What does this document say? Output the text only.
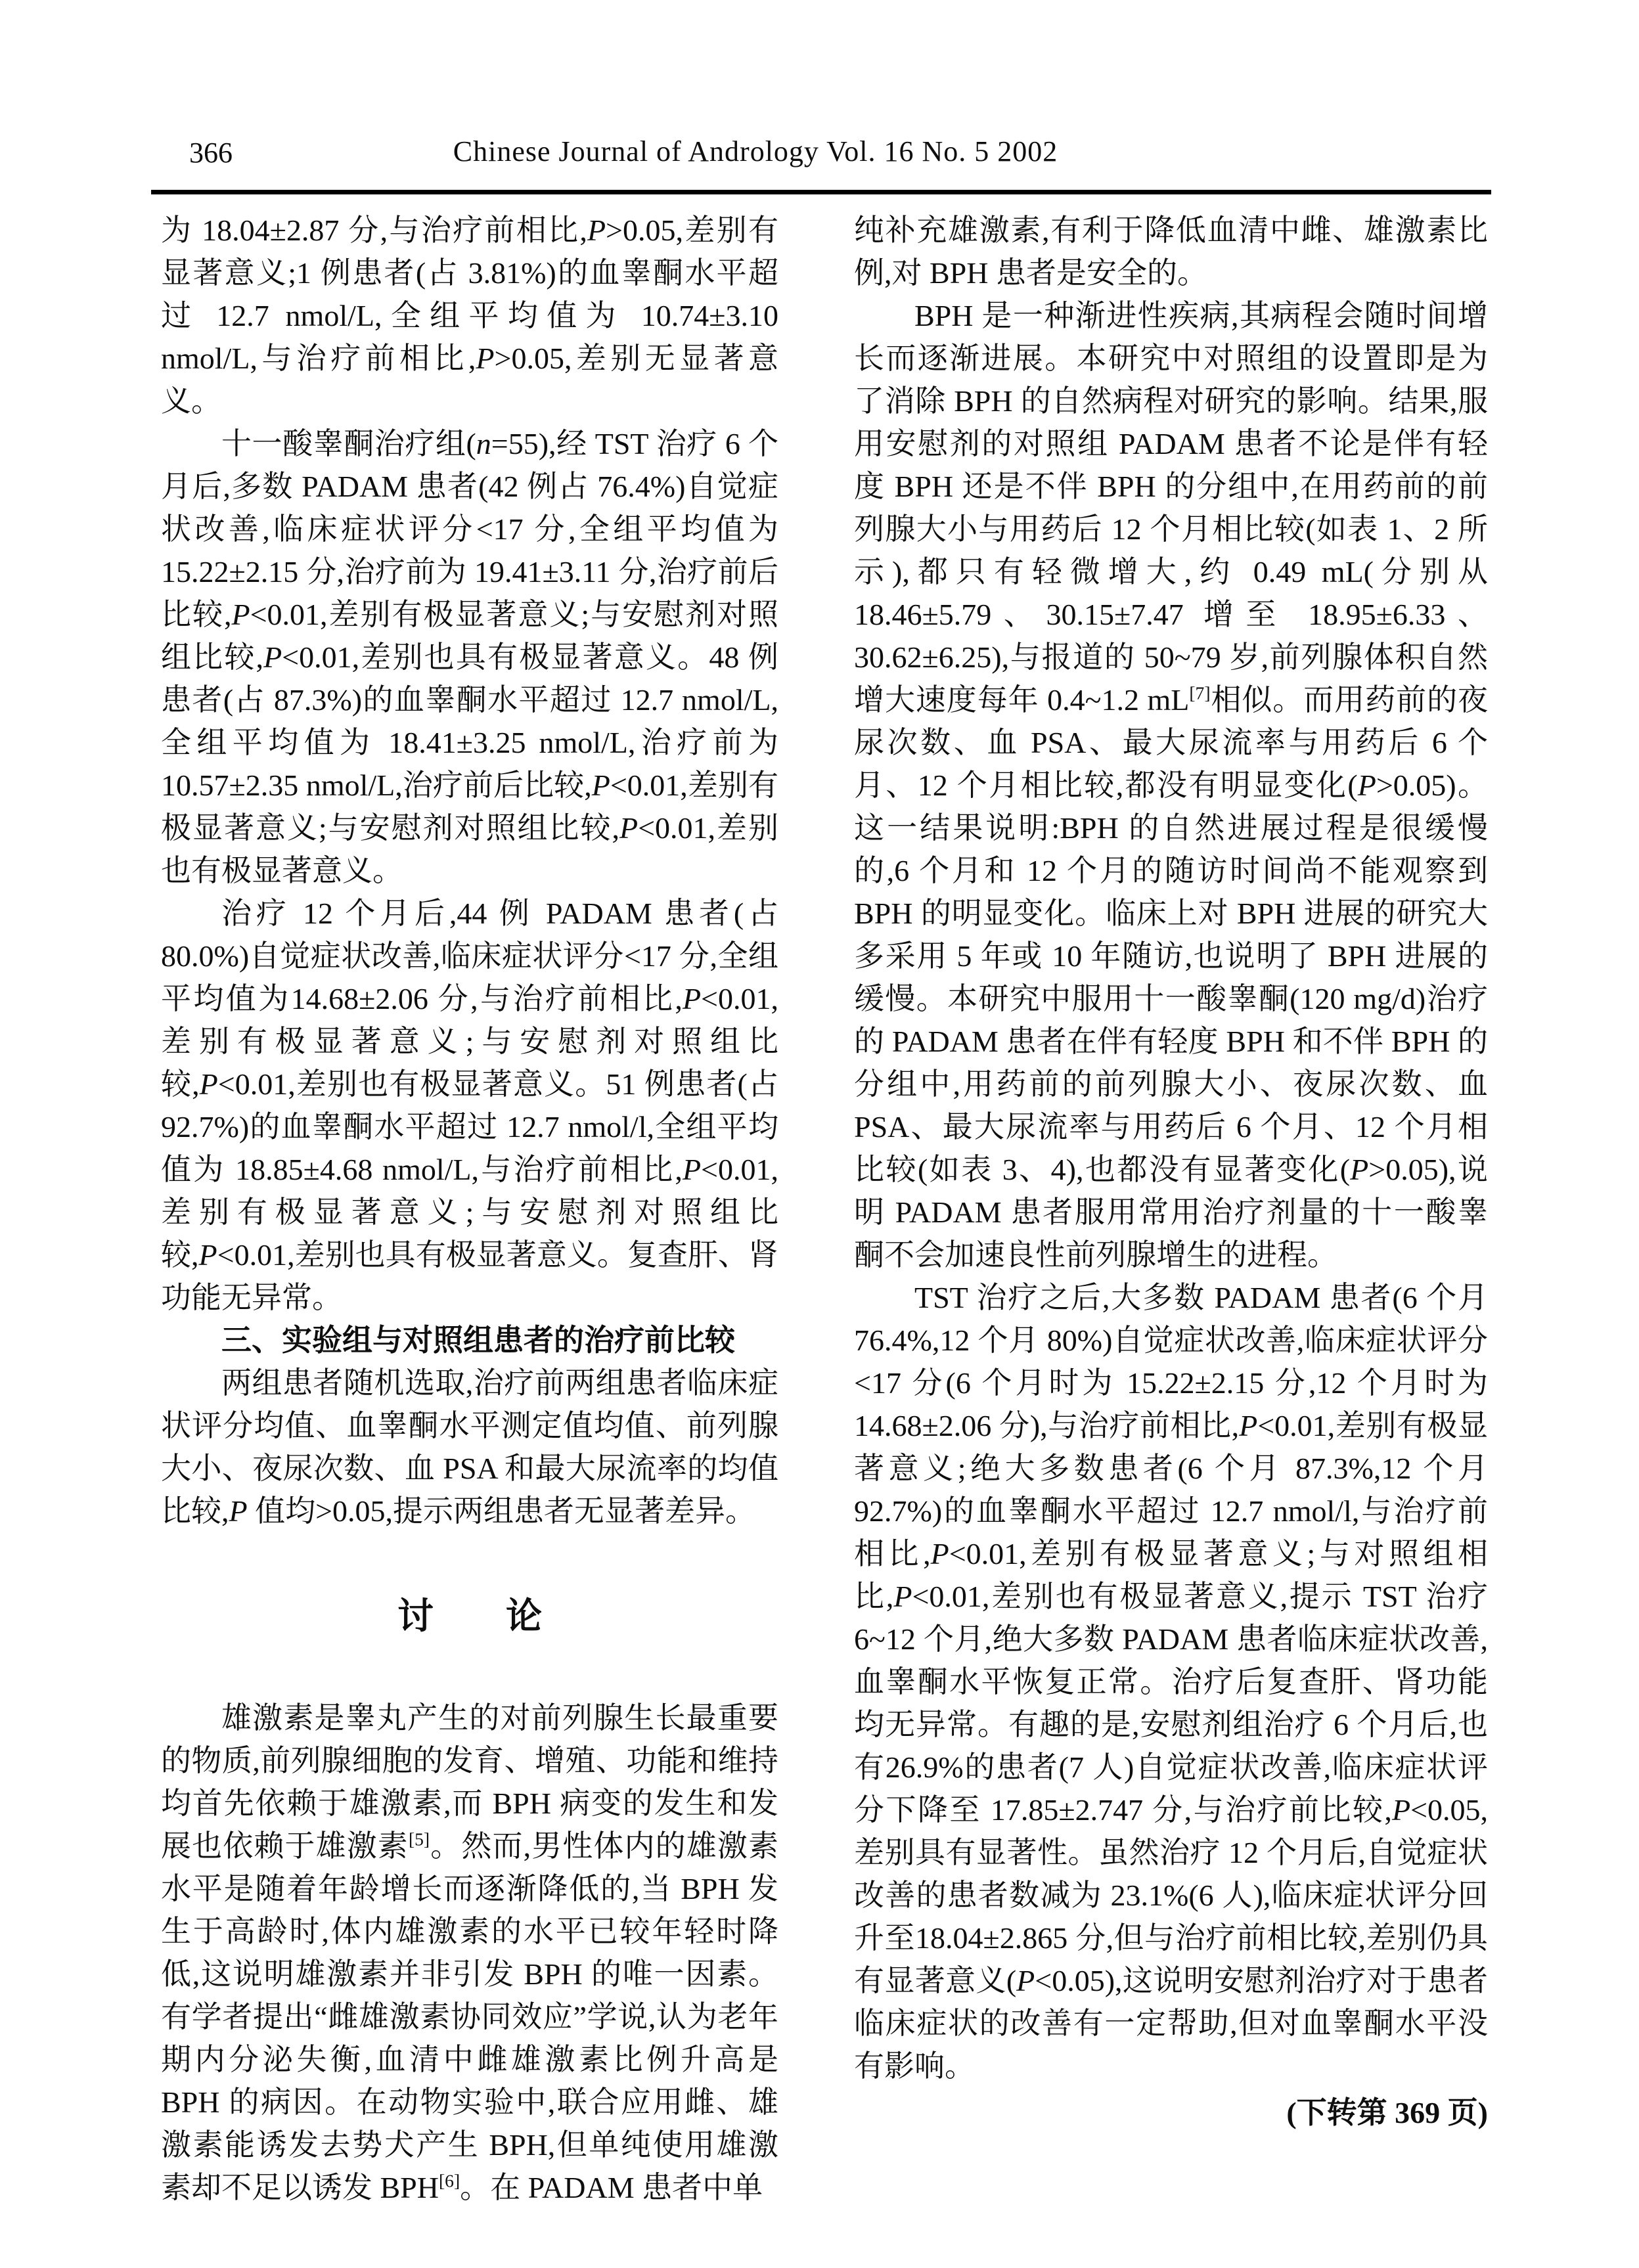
366	Chinese Journal of Andrology Vol. 16 No. 5 2002

为 18.04±2.87 分,与治疗前相比,P>0.05,差别有显著意义;1 例患者(占 3.81%)的血睾酮水平超过 12.7 nmol/L,全组平均值为 10.74±3.10 nmol/L,与治疗前相比,P>0.05,差别无显著意义。

十一酸睾酮治疗组(n=55),经 TST 治疗 6 个月后,多数 PADAM 患者(42 例占 76.4%)自觉症状改善,临床症状评分<17 分,全组平均值为 15.22±2.15 分,治疗前为 19.41±3.11 分,治疗前后比较,P<0.01,差别有极显著意义;与安慰剂对照组比较,P<0.01,差别也具有极显著意义。48 例患者(占 87.3%)的血睾酮水平超过 12.7 nmol/L,全组平均值为 18.41±3.25 nmol/L,治疗前为 10.57±2.35 nmol/L,治疗前后比较,P<0.01,差别有极显著意义;与安慰剂对照组比较,P<0.01,差别也有极显著意义。

治疗 12 个月后,44 例 PADAM 患者(占 80.0%)自觉症状改善,临床症状评分<17 分,全组平均值为14.68±2.06 分,与治疗前相比,P<0.01,差别有极显著意义;与安慰剂对照组比较,P<0.01,差别也有极显著意义。51 例患者(占92.7%)的血睾酮水平超过 12.7 nmol/l,全组平均值为 18.85±4.68 nmol/L,与治疗前相比,P<0.01,差别有极显著意义;与安慰剂对照组比较,P<0.01,差别也具有极显著意义。复查肝、肾功能无异常。

三、实验组与对照组患者的治疗前比较

两组患者随机选取,治疗前两组患者临床症状评分均值、血睾酮水平测定值均值、前列腺大小、夜尿次数、血 PSA 和最大尿流率的均值比较,P 值均>0.05,提示两组患者无显著差异。

讨　　论

雄激素是睾丸产生的对前列腺生长最重要的物质,前列腺细胞的发育、增殖、功能和维持均首先依赖于雄激素,而 BPH 病变的发生和发展也依赖于雄激素[5]。然而,男性体内的雄激素水平是随着年龄增长而逐渐降低的,当 BPH 发生于高龄时,体内雄激素的水平已较年轻时降低,这说明雄激素并非引发 BPH 的唯一因素。有学者提出“雌雄激素协同效应”学说,认为老年期内分泌失衡,血清中雌雄激素比例升高是 BPH 的病因。在动物实验中,联合应用雌、雄激素能诱发去势犬产生 BPH,但单纯使用雄激素却不足以诱发 BPH[6]。在 PADAM 患者中单

纯补充雄激素,有利于降低血清中雌、雄激素比例,对 BPH 患者是安全的。

BPH 是一种渐进性疾病,其病程会随时间增长而逐渐进展。本研究中对照组的设置即是为了消除 BPH 的自然病程对研究的影响。结果,服用安慰剂的对照组 PADAM 患者不论是伴有轻度 BPH 还是不伴 BPH 的分组中,在用药前的前列腺大小与用药后 12 个月相比较(如表 1、2 所示),都只有轻微增大,约 0.49 mL(分别从18.46±5.79、30.15±7.47 增至 18.95±6.33、30.62±6.25),与报道的 50~79 岁,前列腺体积自然增大速度每年 0.4~1.2 mL[7]相似。而用药前的夜尿次数、血 PSA、最大尿流率与用药后 6 个月、12 个月相比较,都没有明显变化(P>0.05)。这一结果说明:BPH 的自然进展过程是很缓慢的,6 个月和 12 个月的随访时间尚不能观察到 BPH 的明显变化。临床上对 BPH 进展的研究大多采用 5 年或 10 年随访,也说明了 BPH 进展的缓慢。本研究中服用十一酸睾酮(120 mg/d)治疗的 PADAM 患者在伴有轻度 BPH 和不伴 BPH 的分组中,用药前的前列腺大小、夜尿次数、血 PSA、最大尿流率与用药后 6 个月、12 个月相比较(如表 3、4),也都没有显著变化(P>0.05),说明 PADAM 患者服用常用治疗剂量的十一酸睾酮不会加速良性前列腺增生的进程。

TST 治疗之后,大多数 PADAM 患者(6 个月 76.4%,12 个月 80%)自觉症状改善,临床症状评分<17 分(6 个月时为 15.22±2.15 分,12 个月时为 14.68±2.06 分),与治疗前相比,P<0.01,差别有极显著意义;绝大多数患者(6 个月 87.3%,12 个月 92.7%)的血睾酮水平超过 12.7 nmol/l,与治疗前相比,P<0.01,差别有极显著意义;与对照组相比,P<0.01,差别也有极显著意义,提示 TST 治疗 6~12 个月,绝大多数 PADAM 患者临床症状改善,血睾酮水平恢复正常。治疗后复查肝、肾功能均无异常。有趣的是,安慰剂组治疗 6 个月后,也有26.9%的患者(7 人)自觉症状改善,临床症状评分下降至 17.85±2.747 分,与治疗前比较,P<0.05,差别具有显著性。虽然治疗 12 个月后,自觉症状改善的患者数减为 23.1%(6 人),临床症状评分回升至18.04±2.865 分,但与治疗前相比较,差别仍具有显著意义(P<0.05),这说明安慰剂治疗对于患者临床症状的改善有一定帮助,但对血睾酮水平没有影响。

(下转第 369 页)
